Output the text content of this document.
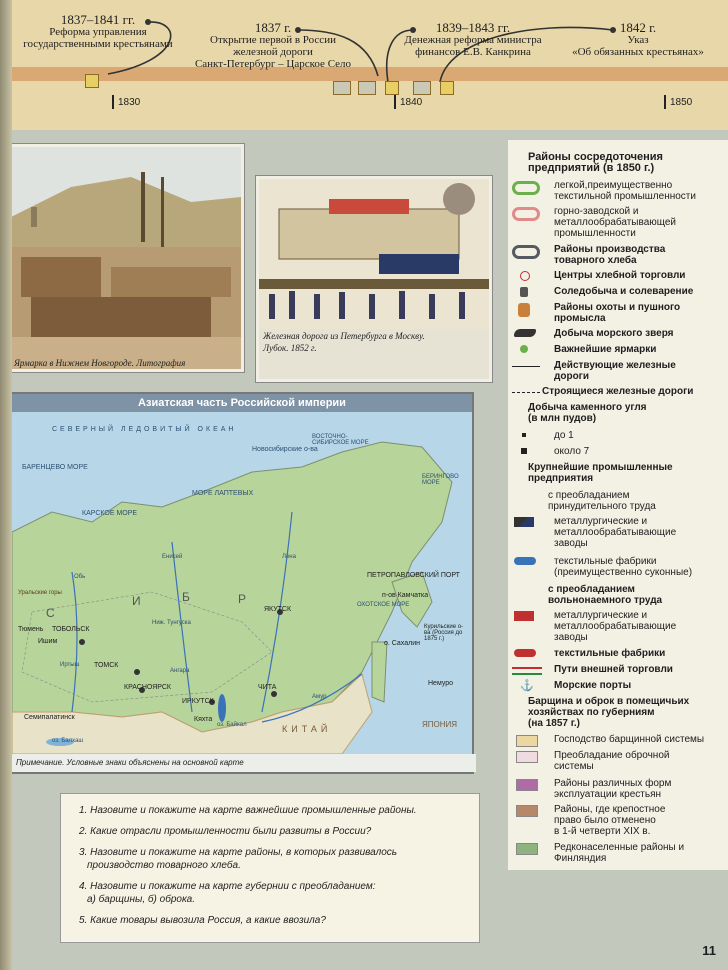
1837–1841 гг.
Реформа управления
государственными крестьянами
1837 г.
Открытие первой в России
железной дороги
Санкт-Петербург – Царское Село
1839–1843 гг.
Денежная реформа министра
финансов Е.В. Канкрина
1842 г.
Указ
«Об обязанных крестьянах»
1830	1840	1850
Ярмарка в Нижнем Новгороде. Литография
Железная дорога из Петербурга в Москву.
Лубок. 1852 г.
Азиатская часть Российской империи
Примечание. Условные знаки объяснены на основной карте
СЕВЕРНЫЙ ЛЕДОВИТЫЙ ОКЕАН
КАРСКОЕ МОРЕ
МОРЕ ЛАПТЕВЫХ
БАРЕНЦЕВО МОРЕ
Новосибирские о-ва
ВОСТОЧНО-СИБИРСКОЕ МОРЕ
БЕРИНГОВО МОРЕ
ОХОТСКОЕ МОРЕ
ПЕТРОПАВЛОВСКИЙ ПОРТ
п-ов Камчатка
ЯКУТСК
ТОБОЛЬСК
Тюмень
Ишим
ТОМСК
КРАСНОЯРСК
ИРКУТСК
Кяхта
ЧИТА
оз. Байкал
Семипалатинск
оз. Балхаш
о. Сахалин
Курильские о-ва (Россия до 1875 г.)
Немуро
КИТАЙ	ЯПОНИЯ
С
И	Б	Р
Уральские горы
Енисей	Лена
Обь
Иртыш
Ангара
Амур
Ниж. Тунгуска
Районы сосредоточения
предприятий (в 1850 г.)
легкой,преимущественно
текстильной промышленности
горно-заводской и
металлообрабатывающей
промышленности
Районы производства
товарного хлеба
Центры хлебной торговли
Соледобыча и солеварение
Районы охоты и пушного
промысла
Добыча морского зверя
Важнейшие ярмарки
Действующие железные
дороги
Строящиеся железные дороги
Добыча каменного угля
(в млн пудов)
до 1
около 7
Крупнейшие промышленные
предприятия
с преобладанием
принудительного труда
металлургические и
металлообрабатывающие
заводы
текстильные фабрики
(преимущественно суконные)
с преобладанием
вольнонаемного труда
металлургические и
металлообрабатывающие
заводы
текстильные фабрики
Пути внешней торговли
⚓	Морские порты
Барщина и оброк в помещичьих
хозяйствах по губерниям
(на 1857 г.)
Господство барщинной системы
Преобладание оброчной
системы
Районы различных форм
эксплуатации крестьян
Районы, где крепостное
право было отменено
в 1-й четверти XIX в.
Редконаселенные районы и
Финляндия
1. Назовите и покажите на карте важнейшие промышленные районы.
2. Какие отрасли промышленности были развиты в России?
3. Назовите и покажите на карте районы, в которых развивалось
производство товарного хлеба.
4. Назовите и покажите на карте губернии с преобладанием:
а) барщины, б) оброка.
5. Какие товары вывозила Россия, а какие ввозила?
11
